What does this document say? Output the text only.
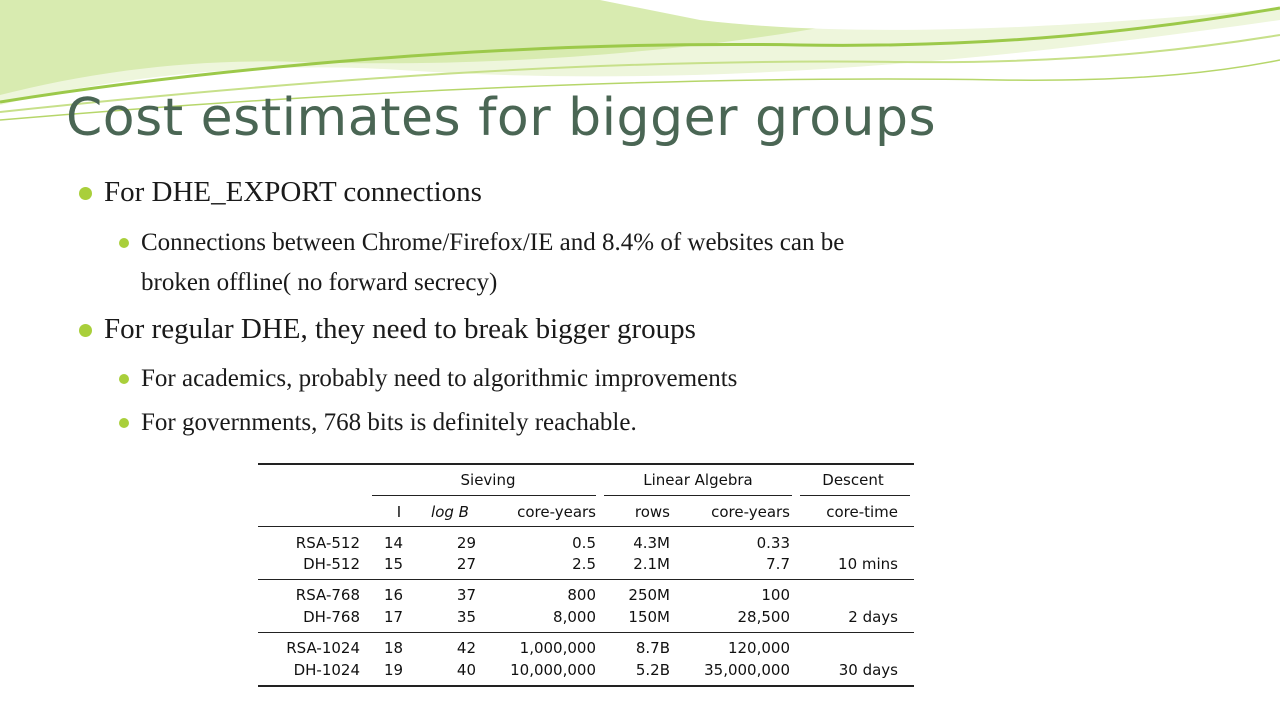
Cost estimates for bigger groups
For DHE_EXPORT connections
Connections between Chrome/Firefox/IE and 8.4% of websites can be
broken offline( no forward secrecy)
For regular DHE, they need to break bigger groups
For academics, probably need to algorithmic improvements
For governments, 768 bits is definitely reachable.
Sieving	Linear Algebra	Descent
I	log B	core-years	rows	core-years	core-time
RSA-512 14	29	0.5	4.3M	0.33
DH-512 15	27	2.5	2.1M	7.7	10 mins
RSA-768 16	37	800	250M	100
DH-768 17	35	8,000	150M	28,500	2 days
RSA-1024 18	42	1,000,000	8.7B	120,000
DH-1024 19	40	10,000,000	5.2B	35,000,000	30 days
